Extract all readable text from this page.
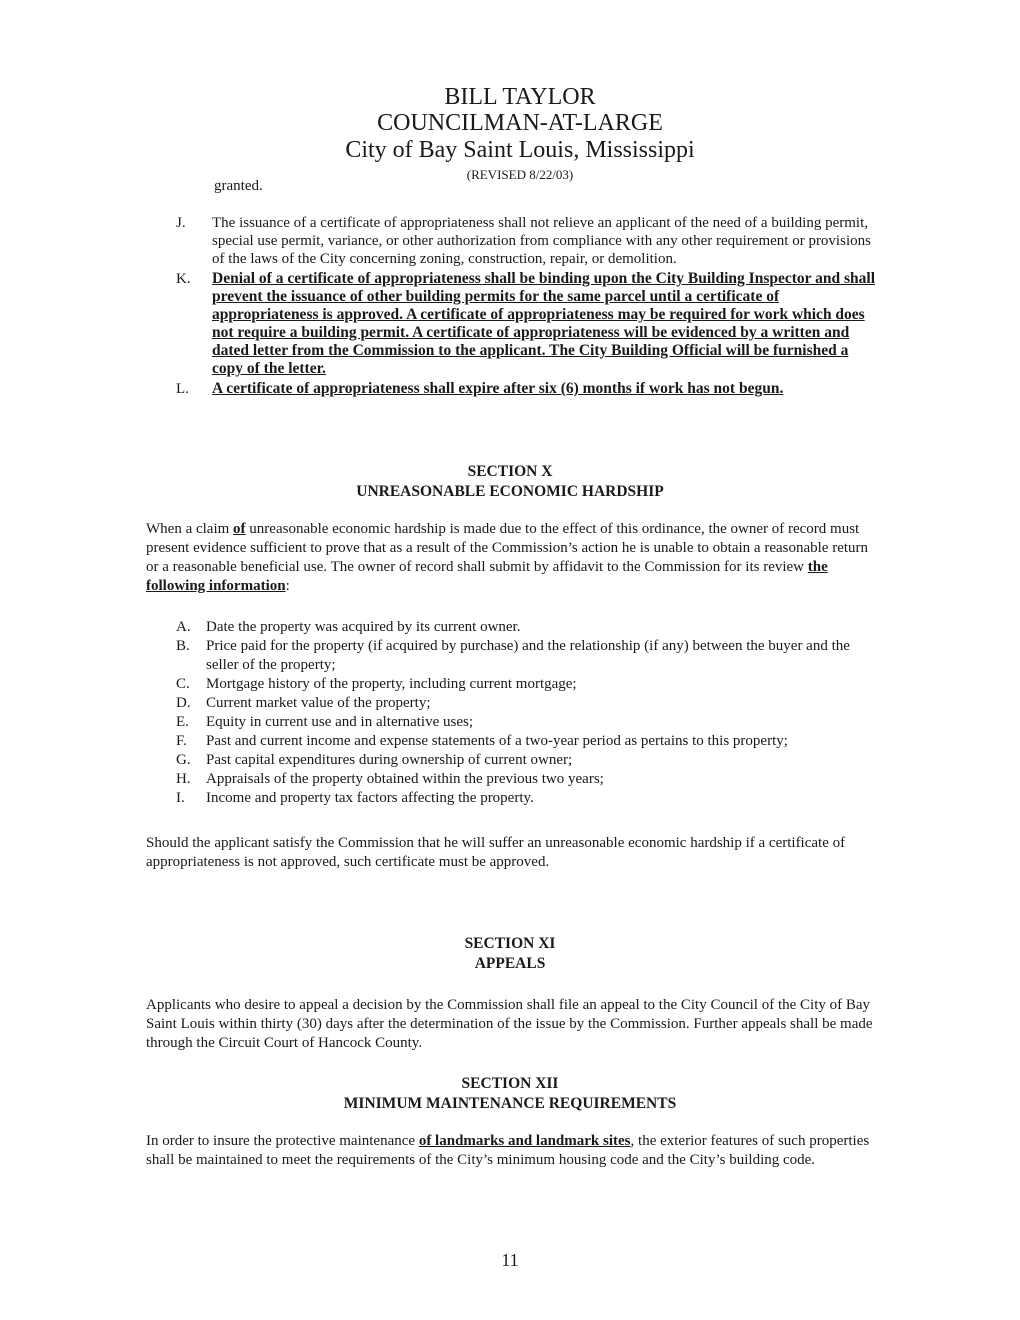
BILL TAYLOR
COUNCILMAN-AT-LARGE
City of Bay Saint Louis, Mississippi
(REVISED 8/22/03)
granted.
J.	The issuance of a certificate of appropriateness shall not relieve an applicant of the need of a building permit, special use permit, variance, or other authorization from compliance with any other requirement or provisions of the laws of the City concerning zoning, construction, repair, or demolition.
K.	Denial of a certificate of appropriateness shall be binding upon the City Building Inspector and shall prevent the issuance of other building permits for the same parcel until a certificate of appropriateness is approved. A certificate of appropriateness may be required for work which does not require a building permit. A certificate of appropriateness will be evidenced by a written and dated letter from the Commission to the applicant. The City Building Official will be furnished a copy of the letter.
L.	A certificate of appropriateness shall expire after six (6) months if work has not begun.
SECTION X
UNREASONABLE ECONOMIC HARDSHIP
When a claim of unreasonable economic hardship is made due to the effect of this ordinance, the owner of record must present evidence sufficient to prove that as a result of the Commission’s action he is unable to obtain a reasonable return or a reasonable beneficial use. The owner of record shall submit by affidavit to the Commission for its review the following information:
A.	Date the property was acquired by its current owner.
B.	Price paid for the property (if acquired by purchase) and the relationship (if any) between the buyer and the seller of the property;
C.	Mortgage history of the property, including current mortgage;
D.	Current market value of the property;
E.	Equity in current use and in alternative uses;
F.	Past and current income and expense statements of a two-year period as pertains to this property;
G.	Past capital expenditures during ownership of current owner;
H.	Appraisals of the property obtained within the previous two years;
I.	Income and property tax factors affecting the property.
Should the applicant satisfy the Commission that he will suffer an unreasonable economic hardship if a certificate of appropriateness is not approved, such certificate must be approved.
SECTION XI
APPEALS
Applicants who desire to appeal a decision by the Commission shall file an appeal to the City Council of the City of Bay Saint Louis within thirty (30) days after the determination of the issue by the Commission. Further appeals shall be made through the Circuit Court of Hancock County.
SECTION XII
MINIMUM MAINTENANCE REQUIREMENTS
In order to insure the protective maintenance of landmarks and landmark sites, the exterior features of such properties shall be maintained to meet the requirements of the City’s minimum housing code and the City’s building code.
11
